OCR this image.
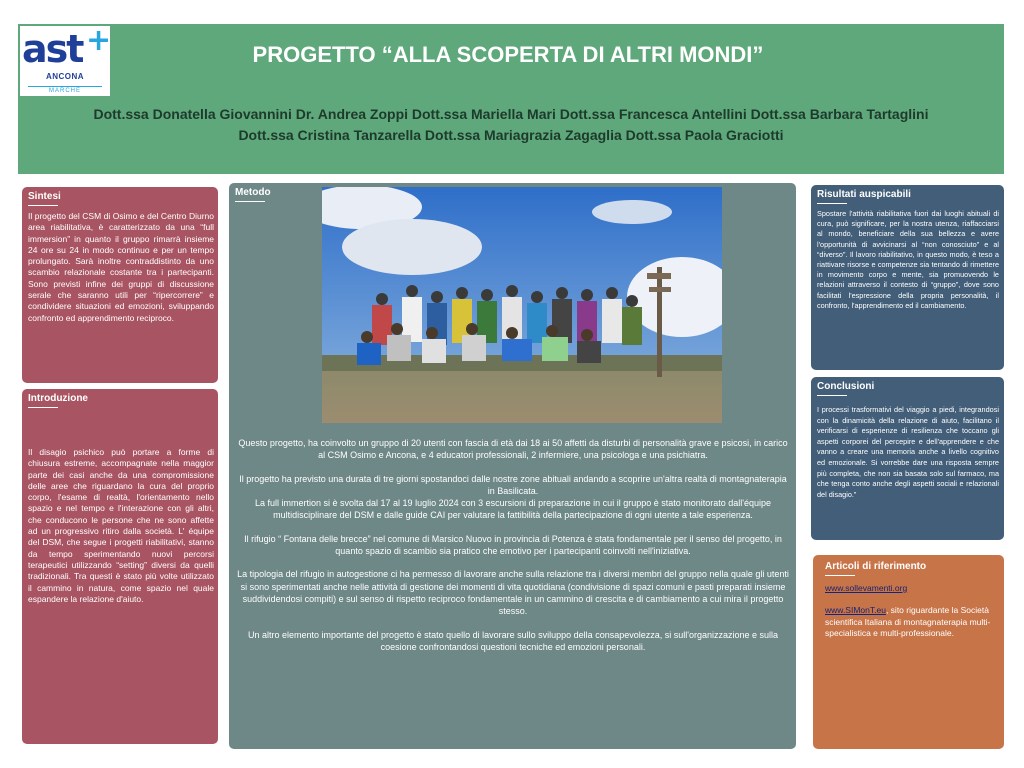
PROGETTO “ALLA SCOPERTA DI ALTRI MONDI”
Dott.ssa Donatella Giovannini Dr. Andrea Zoppi Dott.ssa Mariella Mari Dott.ssa Francesca Antellini Dott.ssa Barbara Tartaglini
Dott.ssa Cristina Tanzarella Dott.ssa Mariagrazia Zagaglia Dott.ssa Paola Graciotti
ast +
ANCONA
MARCHE
Sintesi
Il progetto del CSM di Osimo e del Centro Diurno area riabilitativa, è caratterizzato da una “full immersion” in quanto il gruppo rimarrà insieme 24 ore su 24 in modo continuo e per un tempo prolungato. Sarà inoltre contraddistinto da uno scambio relazionale costante tra i partecipanti. Sono previsti infine dei gruppi di discussione serale che saranno utili per “ripercorrere” e condividere situazioni ed emozioni, sviluppando confronto ed apprendimento reciproco.
Introduzione
Il disagio psichico può portare a forme di chiusura estreme, accompagnate nella maggior parte dei casi anche da una compromissione delle aree che riguardano la cura del proprio corpo, l'esame di realtà, l'orientamento nello spazio e nel tempo e l'interazione con gli altri, che conducono le persone che ne sono affette ad un progressivo ritiro dalla società. L' équipe del DSM, che segue i progetti riabilitativi, stanno da tempo sperimentando nuovi percorsi terapeutici utilizzando “setting” diversi da quelli tradizionali. Tra questi è stato più volte utilizzato il cammino in natura, come spazio nel quale espandere la relazione d'aiuto.
Metodo

Questo progetto, ha coinvolto un gruppo di 20 utenti con fascia di età dai 18 ai 50 affetti da disturbi di personalità grave e psicosi, in carico al CSM Osimo e Ancona, e 4 educatori professionali, 2 infermiere, una psicologa e una psichiatra.

Il progetto ha previsto una durata di tre giorni spostandoci dalle nostre zone abituali andando a scoprire un'altra realtà di montagnaterapia in Basilicata.

La full immertion si è svolta dal 17 al 19 luglio 2024 con 3 escursioni di preparazione in cui il gruppo è stato monitorato dall'équipe multidisciplinare del DSM e dalle guide CAI per valutare la fattibilità della partecipazione di ogni utente a tale esperienza.

Il rifugio “ Fontana delle brecce” nel comune di Marsico Nuovo in provincia di Potenza è stata fondamentale per il senso del progetto, in quanto spazio di scambio sia pratico che emotivo per i partecipanti coinvolti nell'iniziativa.

La tipologia del rifugio in autogestione ci ha permesso di lavorare anche sulla relazione tra i diversi membri del gruppo nella quale gli utenti si sono sperimentati anche nelle attività di gestione dei momenti di vita quotidiana (condivisione di spazi comuni e pasti preparati insieme suddividendosi compiti) e sul senso di rispetto reciproco fondamentale in un cammino di crescita e di cambiamento a cui mira il progetto stesso.

Un altro elemento importante del progetto è stato quello di lavorare sullo sviluppo della consapevolezza, si sull'organizzazione e sulla coesione confrontandosi questioni tecniche ed emozioni personali.

Risultati auspicabili
Spostare l'attività riabilitativa fuori dai luoghi abituali di cura, può significare, per la nostra utenza, riaffacciarsi al mondo, beneficiare della sua bellezza e avere l'opportunità di avvicinarsi al “non conosciuto” e al “diverso”. Il lavoro riabilitativo, in questo modo, è teso a riattivare risorse e competenze sia tentando di rimettere in movimento corpo e mente, sia promuovendo le relazioni attraverso il contesto di “gruppo”, dove sono facilitati l'espressione della propria personalità, il confronto, l'apprendimento ed il cambiamento.
Conclusioni
I processi trasformativi del viaggio a piedi, integrandosi con la dinamicità della relazione di aiuto, facilitano il verificarsi di esperienze di resilienza che toccano gli aspetti corporei del percepire e dell'apprendere e che vanno a creare una memoria anche a livello cognitivo ed emozionale. Si vorrebbe dare una risposta sempre più completa, che non sia basata solo sul farmaco, ma che tenga conto anche degli aspetti sociali e relazionali del disagio.”
Articoli di riferimento
www.sollevamenti.org
www.SIMonT.eu, sito riguardante la Società scientifica Italiana di montagnaterapia multi-specialistica e multi-professionale.
